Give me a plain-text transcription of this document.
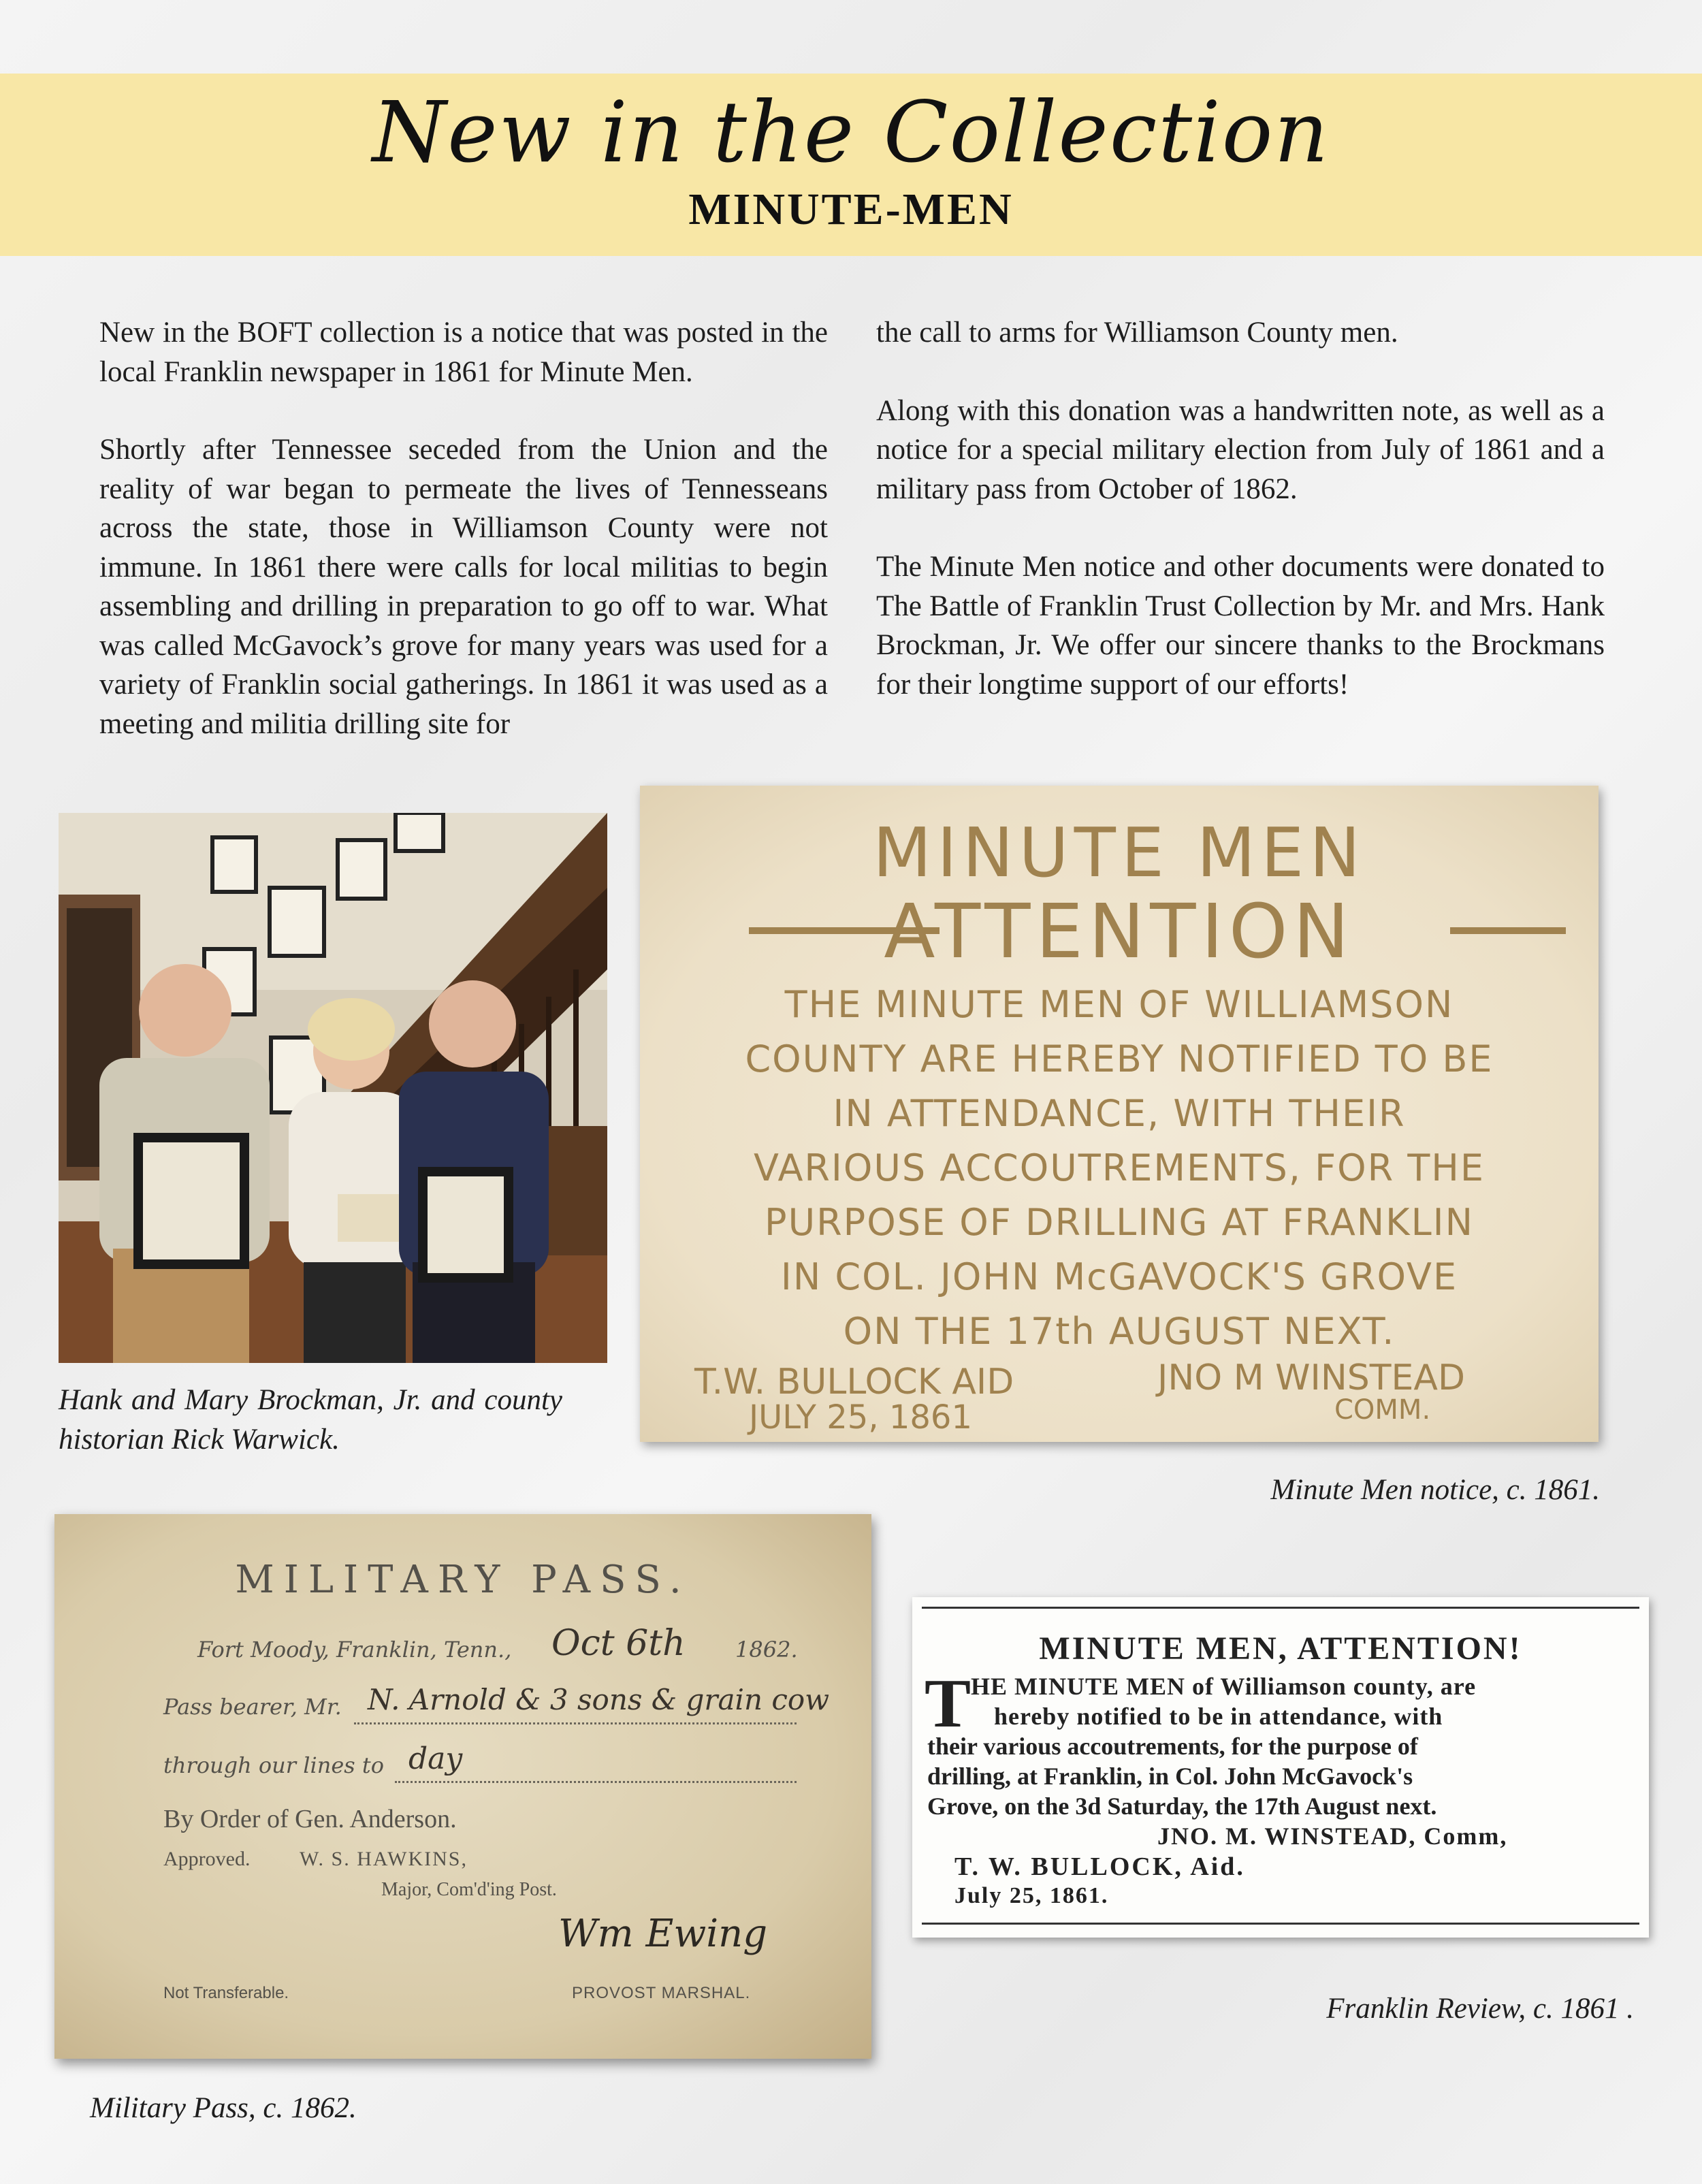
New in the Collection
MINUTE-MEN

New in the BOFT collection is a notice that was posted in the local Franklin newspaper in 1861 for Minute Men.

Shortly after Tennessee seceded from the Union and the reality of war began to permeate the lives of Tennesseans across the state, those in Williamson County were not immune. In 1861 there were calls for local militias to begin assembling and drilling in preparation to go off to war. What was called McGavock’s grove for many years was used for a variety of Franklin social gatherings. In 1861 it was used as a meeting and militia drilling site for

the call to arms for Williamson County men.

Along with this donation was a handwritten note, as well as a notice for a special military election from July of 1861 and a military pass from October of 1862.

The Minute Men notice and other documents were donated to The Battle of Franklin Trust Collection by Mr. and Mrs. Hank Brockman, Jr. We offer our sincere thanks to the Brockmans for their longtime support of our efforts!

Hank and Mary Brockman, Jr. and county historian Rick Warwick.
MINUTE MEN
ATTENTION
THE MINUTE MEN OF WILLIAMSON
COUNTY ARE HEREBY NOTIFIED TO BE
IN ATTENDANCE, WITH THEIR
VARIOUS ACCOUTREMENTS, FOR THE
PURPOSE OF DRILLING AT FRANKLIN
IN COL. JOHN McGAVOCK'S GROVE
ON THE 17th AUGUST NEXT.
T.W. BULLOCK AID	JNO M WINSTEAD
JULY 25, 1861	COMM.
Minute Men notice, c. 1861.
MILITARY PASS.
Fort Moody, Franklin, Tenn., Oct 6th 1862.
Pass bearer, Mr. N. Arnold & 3 sons & grain cow
through our lines to day
By Order of Gen. Anderson.
Approved. W. S. HAWKINS,
Major, Com'd'ing Post.
Wm Ewing
Not Transferable.	PROVOST MARSHAL.
Military Pass, c. 1862.
MINUTE MEN, ATTENTION!
T HE MINUTE MEN of Williamson county, are
hereby notified to be in attendance, with
their various accoutrements, for the purpose of
drilling, at Franklin, in Col. John McGavock's
Grove, on the 3d Saturday, the 17th August next.
JNO. M. WINSTEAD, Comm,
T. W. BULLOCK, Aid.
July 25, 1861.
Franklin Review, c. 1861 .
